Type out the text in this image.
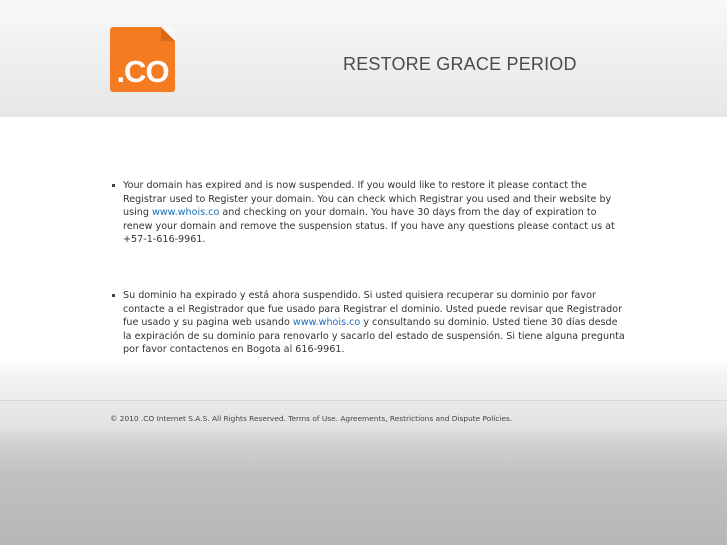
.CO	RESTORE GRACE PERIOD
Your domain has expired and is now suspended. If you would like to restore it please contact the Registrar used to Register your domain. You can check which Registrar you used and their website by using www.whois.co and checking on your domain. You have 30 days from the day of expiration to renew your domain and remove the suspension status. If you have any questions please contact us at +57-1-616-9961.
Su dominio ha expirado y está ahora suspendido. Si usted quisiera recuperar su dominio por favor contacte a el Registrador que fue usado para Registrar el dominio. Usted puede revisar que Registrador fue usado y su pagina web usando www.whois.co y consultando su dominio. Usted tiene 30 días desde la expiración de su dominio para renovarlo y sacarlo del estado de suspensión. Si tiene alguna pregunta por favor contactenos en Bogota al 616-9961.
© 2010 .CO Internet S.A.S. All Rights Reserved. Terms of Use. Agreements, Restrictions and Dispute Policies.
